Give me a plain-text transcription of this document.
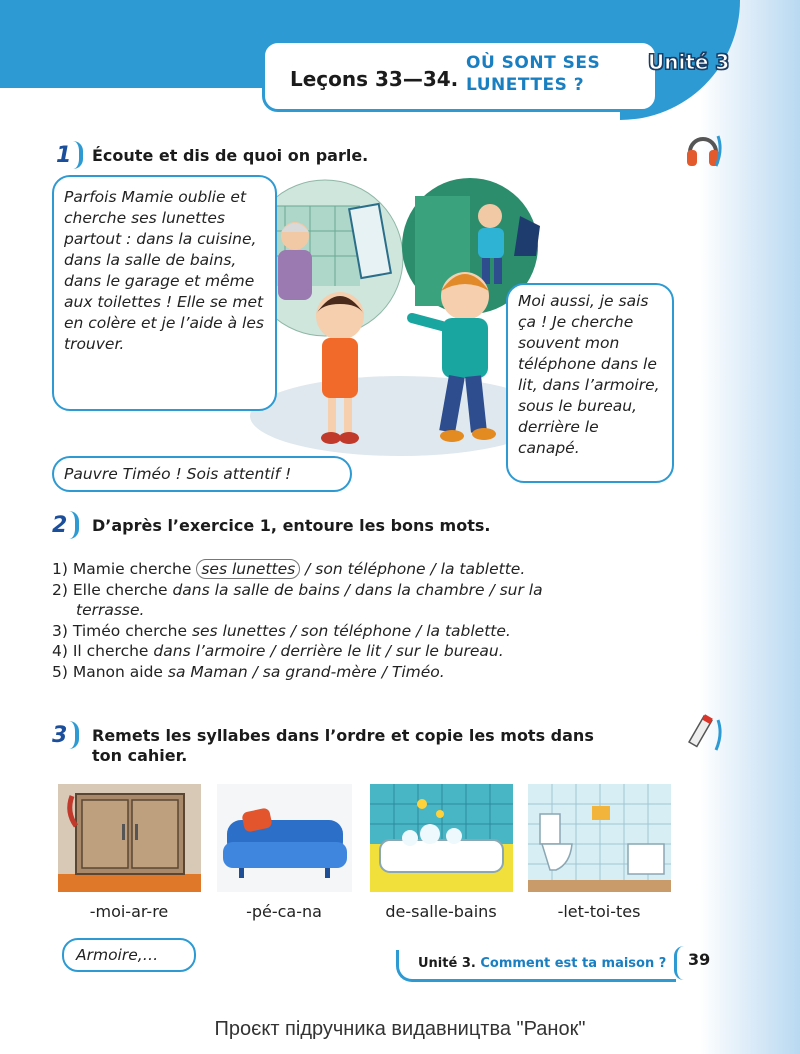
Leçons 33—34.
OÙ SONT SES LUNETTES ?
Unité 3
1 Écoute et dis de quoi on parle.
Parfois Mamie oublie et cherche ses lunettes partout : dans la cuisine, dans la salle de bains, dans le garage et même aux toilettes ! Elle se met en colère et je l’aide à les trouver.
Moi aussi, je sais ça ! Je cherche souvent mon téléphone dans le lit, dans l’armoire, sous le bureau, derrière le canapé.
Pauvre Timéo ! Sois attentif !
2 D’après l’exercice 1, entoure les bons mots.
1) Mamie cherche ses lunettes / son téléphone / la tablette.
2) Elle cherche dans la salle de bains / dans la chambre / sur la
terrasse.
3) Timéo cherche ses lunettes / son téléphone / la tablette.
4) Il cherche dans l’armoire / derrière le lit / sur le bureau.
5) Manon aide sa Maman / sa grand-mère / Timéo.
3 Remets les syllabes dans l’ordre et copie les mots dans ton cahier.
-moi-ar-re	-pé-ca-na	de-salle-bains	-let-toi-tes
Armoire,…	Unité 3. Comment est ta maison ? 39
Проєкт підручника видавництва "Ранок"
